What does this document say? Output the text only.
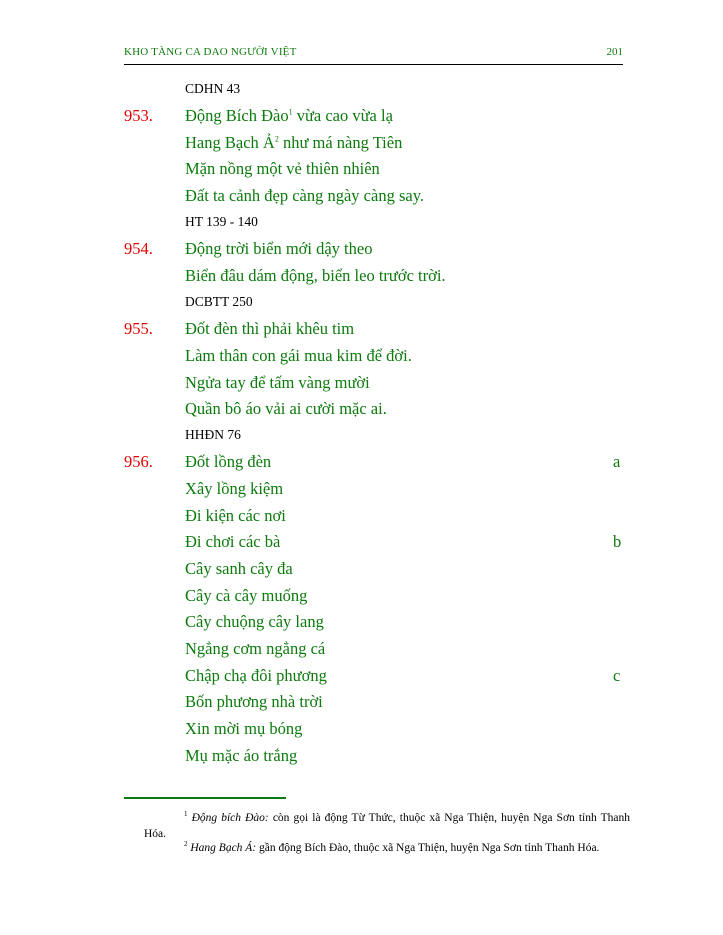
KHO TÀNG CA DAO NGƯỜI VIỆT	201
CDHN 43
953. Động Bích Đào$^1$ vừa cao vừa lạ
Hang Bạch Ả$^2$ như má nàng Tiên
Mặn nồng một vẻ thiên nhiên
Đất ta cảnh đẹp càng ngày càng say.
HT 139 - 140
954. Động trời biển mới dậy theo
Biển đâu dám động, biển leo trước trời.
DCBTT 250
955. Đốt đèn thì phải khêu tim
Làm thân con gái mua kim để đời.
Ngửa tay để tấm vàng mười
Quần bô áo vải ai cười mặc ai.
HHĐN 76
956. Đốt lồng đèn	a
Xây lồng kiệm
Đi kiện các nơi
Đi chơi các bà	b
Cây sanh cây đa
Cây cà cây muống
Cây chuộng cây lang
Ngẳng cơm ngẳng cá
Chập chạ đôi phương	c
Bốn phương nhà trời
Xin mời mụ bóng
Mụ mặc áo trắng
$^1$ Động bích Đào: còn gọi là động Từ Thức, thuộc xã Nga Thiện, huyện Nga Sơn tỉnh Thanh Hóa.
$^2$ Hang Bạch Á: gần động Bích Đào, thuộc xã Nga Thiện, huyện Nga Sơn tỉnh Thanh Hóa.
